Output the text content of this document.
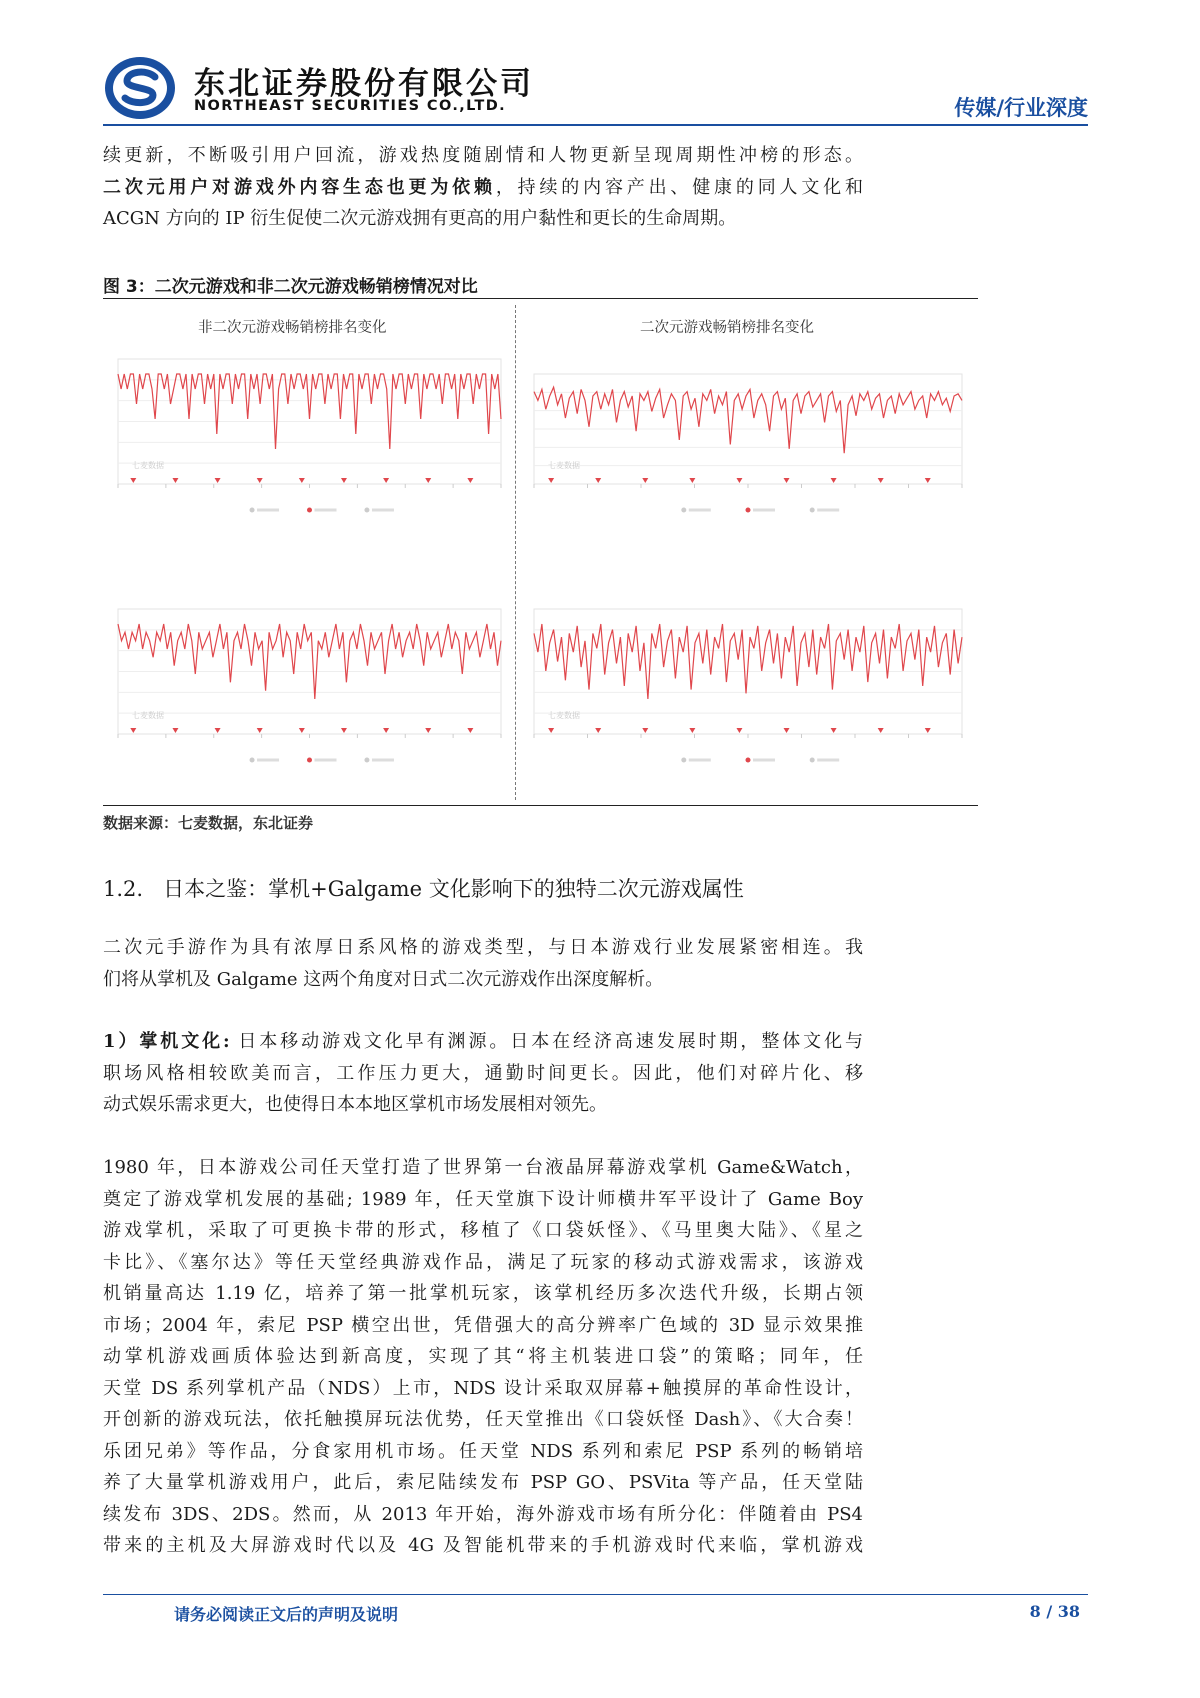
东北证券股份有限公司
NORTHEAST SECURITIES CO.,LTD.	传媒/行业深度
续更新，不断吸引用户回流，游戏热度随剧情和人物更新呈现周期性冲榜的形态。
二次元用户对游戏外内容生态也更为依赖，持续的内容产出、健康的同人文化和
ACGN 方向的 IP 衍生促使二次元游戏拥有更高的用户黏性和更长的生命周期。
图 3：二次元游戏和非二次元游戏畅销榜情况对比
非二次元游戏畅销榜排名变化	二次元游戏畅销榜排名变化
七麦数据	七麦数据
七麦数据	七麦数据
数据来源：七麦数据，东北证券
1.2. 日本之鉴：掌机+Galgame 文化影响下的独特二次元游戏属性
二次元手游作为具有浓厚日系风格的游戏类型，与日本游戏行业发展紧密相连。我
们将从掌机及 Galgame 这两个角度对日式二次元游戏作出深度解析。
1）掌机文化: 日本移动游戏文化早有渊源。日本在经济高速发展时期，整体文化与
职场风格相较欧美而言，工作压力更大，通勤时间更长。因此，他们对碎片化、移
动式娱乐需求更大，也使得日本本地区掌机市场发展相对领先。
1980 年，日本游戏公司任天堂打造了世界第一台液晶屏幕游戏掌机 Game&Watch，
奠定了游戏掌机发展的基础; 1989 年，任天堂旗下设计师横井军平设计了 Game Boy
游戏掌机，采取了可更换卡带的形式，移植了《口袋妖怪》、《马里奥大陆》、《星之
卡比》、《塞尔达》等任天堂经典游戏作品，满足了玩家的移动式游戏需求，该游戏
机销量高达 1.19 亿，培养了第一批掌机玩家，该掌机经历多次迭代升级，长期占领
市场；2004 年，索尼 PSP 横空出世，凭借强大的高分辨率广色域的 3D 显示效果推
动掌机游戏画质体验达到新高度，实现了其“将主机装进口袋”的策略；同年，任
天堂 DS 系列掌机产品（NDS）上市，NDS 设计采取双屏幕+触摸屏的革命性设计，
开创新的游戏玩法，依托触摸屏玩法优势，任天堂推出《口袋妖怪 Dash》、《大合奏！
乐团兄弟》等作品，分食家用机市场。任天堂 NDS 系列和索尼 PSP 系列的畅销培
养了大量掌机游戏用户，此后，索尼陆续发布 PSP GO、PSVita 等产品，任天堂陆
续发布 3DS、2DS。然而，从 2013 年开始，海外游戏市场有所分化：伴随着由 PS4
带来的主机及大屏游戏时代以及 4G 及智能机带来的手机游戏时代来临，掌机游戏
请务必阅读正文后的声明及说明	8 / 38
